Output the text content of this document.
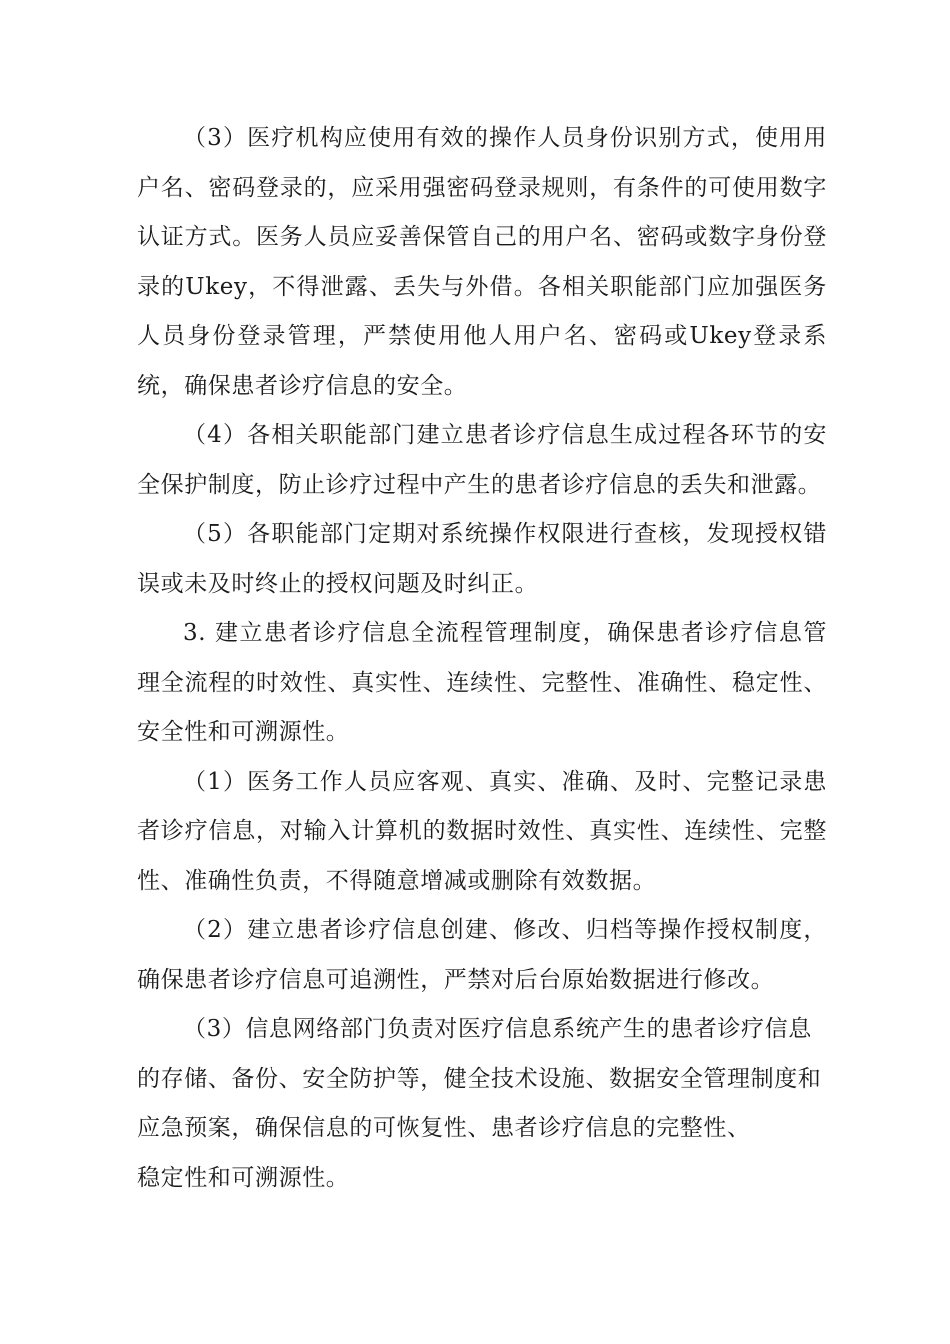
（3）医疗机构应使用有效的操作人员身份识别方式，使用用户名、密码登录的，应采用强密码登录规则，有条件的可使用数字认证方式。医务人员应妥善保管自己的用户名、密码或数字身份登录的Ukey，不得泄露、丢失与外借。各相关职能部门应加强医务人员身份登录管理，严禁使用他人用户名、密码或Ukey登录系统，确保患者诊疗信息的安全。

（4）各相关职能部门建立患者诊疗信息生成过程各环节的安全保护制度，防止诊疗过程中产生的患者诊疗信息的丢失和泄露。

（5）各职能部门定期对系统操作权限进行查核，发现授权错误或未及时终止的授权问题及时纠正。

3. 建立患者诊疗信息全流程管理制度，确保患者诊疗信息管理全流程的时效性、真实性、连续性、完整性、准确性、稳定性、安全性和可溯源性。

（1）医务工作人员应客观、真实、准确、及时、完整记录患者诊疗信息，对输入计算机的数据时效性、真实性、连续性、完整性、准确性负责，不得随意增减或删除有效数据。

（2）建立患者诊疗信息创建、修改、归档等操作授权制度，确保患者诊疗信息可追溯性，严禁对后台原始数据进行修改。

（3）信息网络部门负责对医疗信息系统产生的患者诊疗信息的存储、备份、安全防护等，健全技术设施、数据安全管理制度和应急预案，确保信息的可恢复性、患者诊疗信息的完整性、

稳定性和可溯源性。
